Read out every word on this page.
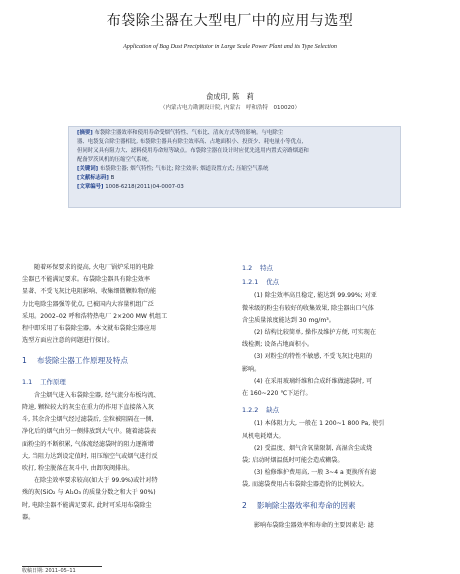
布袋除尘器在大型电厂中的应用与选型
Application of Bag Dust Precipitator in Large Scale Power Plant and its Type Selection
俞成印, 陈　莉
（内蒙古电力勘测设计院, 内蒙古　呼和浩特　010020）
[摘要] 布袋除尘器效率和使用寿命受烟气特性、气布比、清灰方式等的影响。与电除尘
器、电袋复合除尘器相比, 布袋除尘器具有除尘效率高、占地面积小、投资少、耗电量小等优点,
但同时又具有阻力大、滤料使用寿命短等缺点。布袋除尘器在设计时应优先选用内置式旁路烟道和
配备罗茨风机的压缩空气系统。
[关键词] 布袋除尘器; 烟气特性; 气布比; 除尘效率; 烟道设置方式; 压缩空气系统
[文献标志码] B
[文章编号] 1008-6218(2011)04-0007-03
随着环保要求的提高, 火电厂锅炉采用的电除
尘器已不能满足要求。布袋除尘器具有除尘效率
显著、不受飞灰比电阻影响、收集细微颗粒物的能
力比电除尘器强等优点, 已被国内大容量机组广泛
采用。2002–02 呼和浩特热电厂 2×200 MW 机组工
程中即采用了布袋除尘器。本文就布袋除尘器应用
选型方面应注意的问题进行探讨。
1 布袋除尘器工作原理及特点
1.1 工作原理
含尘烟气进入布袋除尘器, 经气流分布板均流、
降速, 颗粒较大的灰尘在重力的作用下直接落入灰
斗, 其余含尘烟气经过滤袋后, 尘粒被阻隔在一侧,
净化后的烟气由另一侧排放到大气中。随着滤袋表
面粉尘的不断积累, 气体流经滤袋时的阻力逐渐增
大, 当阻力达到设定值时, 用压缩空气或烟气进行反
吹打, 粉尘脱落在灰斗中, 由卸灰阀排出。
在除尘效率要求较高(如大于 99.9%)或针对特
殊的灰(SiO₂ 与 Al₂O₃ 的质量分数之和大于 90%)
时, 电除尘器不能满足要求, 此时可采用布袋除尘
器。
1.2 特点
1.2.1 优点
(1) 除尘效率高且稳定, 能达到 99.99%; 对亚
微米级的粉尘有较好的收集效果, 除尘器出口气体
含尘质量浓度能达到 30 mg/m³。
(2) 结构比较简单, 操作及维护方便, 可实现在
线检测; 设备占地面积小。
(3) 对粉尘的特性不敏感, 不受飞灰比电阻的
影响。
(4) 在采用玻璃纤维和合成纤维做滤袋时, 可
在 160~220 ℃下运行。
1.2.2 缺点
(1) 本体阻力大, 一般在 1 200~1 800 Pa, 使引
风机电耗增大。
(2) 受温度、烟气含氧量限制, 高湿含尘或烧
袋; 启动时烟温低时可能会造成糊袋。
(3) 检修维护费用高, 一般 3~4 a 更换所有滤
袋, 而滤袋费用占布袋除尘器造价的比例较大。
2 影响除尘器效率和寿命的因素
影响布袋除尘器效率和寿命的主要因素是: 滤
收稿日期: 2011–05–11
